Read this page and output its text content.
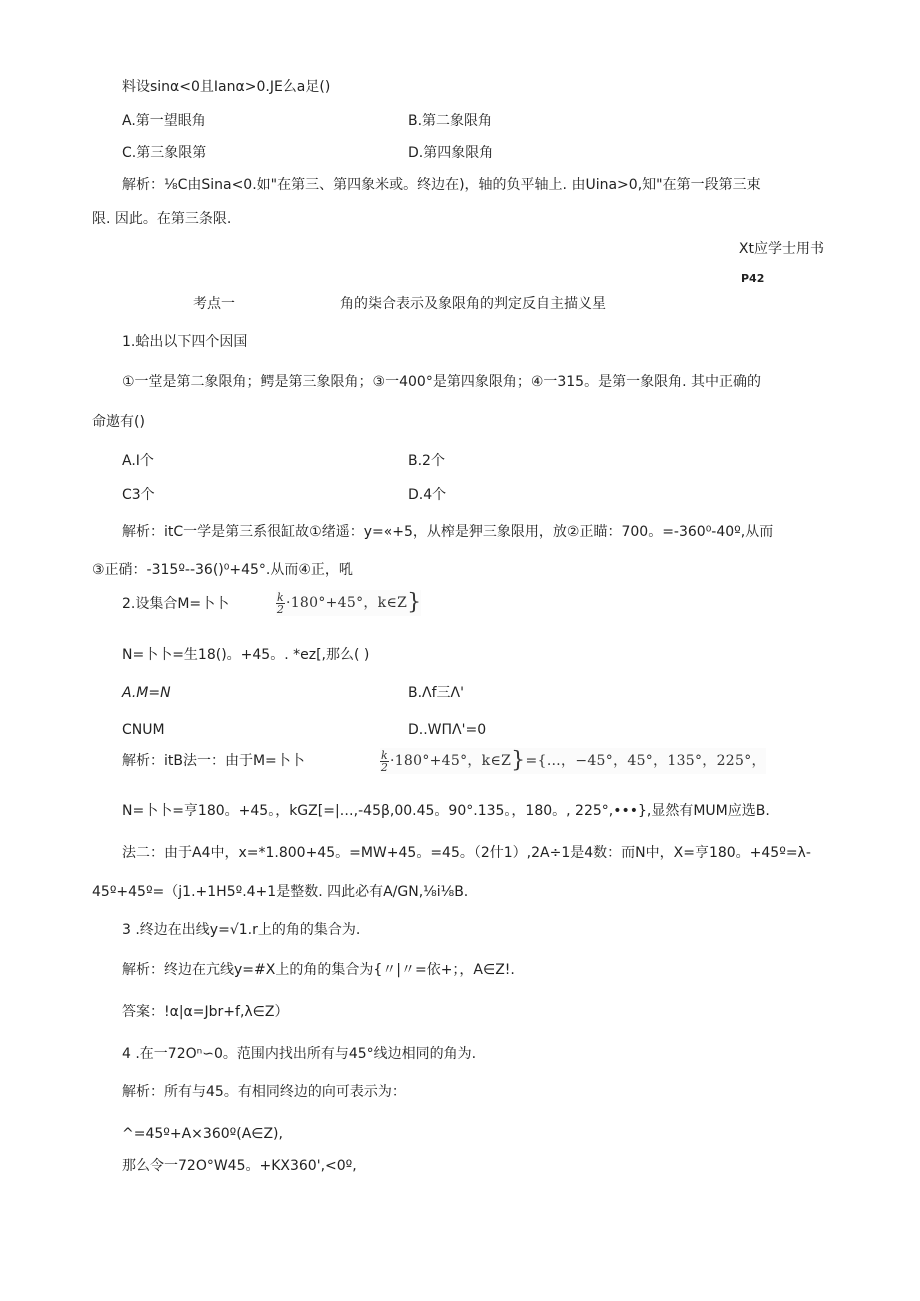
料设sinα<0且Ianα>0.JE么a足()
A.第一望眼角	B.第二象限角
C.第三象限第	D.第四象限角
解析：⅛C由Sina<0.如"在第三、第四象米或。终边在)，轴的负平轴上. 由Uina>0,知"在第一段第三束
限. 因此。在第三条限.
Xt应学士用书
P42
考点一	角的柒合表示及象限角的判定反自主描义星
1.蛤出以下四个因国
①一堂是第二象限角；鳄是第三象限角；③一400°是第四象限角；④一315。是第一象限角. 其中正确的
命遨有()
A.I个	B.2个
C3个	D.4个
解析：itC一学是第三系很缸故①绪遥：y=«+5，从榨是狎三象限用，放②正瞄：700。=-360⁰-40º,从而
③正硝：-315º--36()⁰+45°.从而④正，吼
2.设集合M=卜卜	$\frac{k}{2} \cdot 180^\circ+45^\circ$，k∈Z}
N=卜卜=生18()。+45。. *ez[,那么( )
A.M=N	B.Λf三Λ'
CNUM	D..WΠΛ'=0
解析：itB法一：由于M=卜卜	$\frac{k}{2} \cdot 180^\circ+45^\circ$，k∈Z}={…，−45°，45°，135°，225°，
N=卜卜=亨180。+45。，kGZ[=|…,-45β,00.45。90°.135。，180。, 225°,•••},显然有MUM应选B.
法二：由于A4中，x=*1.800+45。=MW+45。=45。（2什1）,2A÷1是4数：而N中，X=亨180。+45º=λ-
45º+45º=（j1.+1H5º.4+1是整数. 四此必有A/GN,⅛i⅛B.
3 .终边在出线y=√1.r上的角的集合为.
解析：终边在亢线y=#X上的角的集合为{〃|〃=依+；，A∈Z!.
答案：!α|α=Jbr+f,λ∈Z）
4 .在一72Oⁿ∽0。范围内找出所有与45°线边相同的角为.
解析：所有与45。有相同终边的向可表示为：
^=45º+A×360º(A∈Z),
那么令一72O°W45。+KX360',<0º,
